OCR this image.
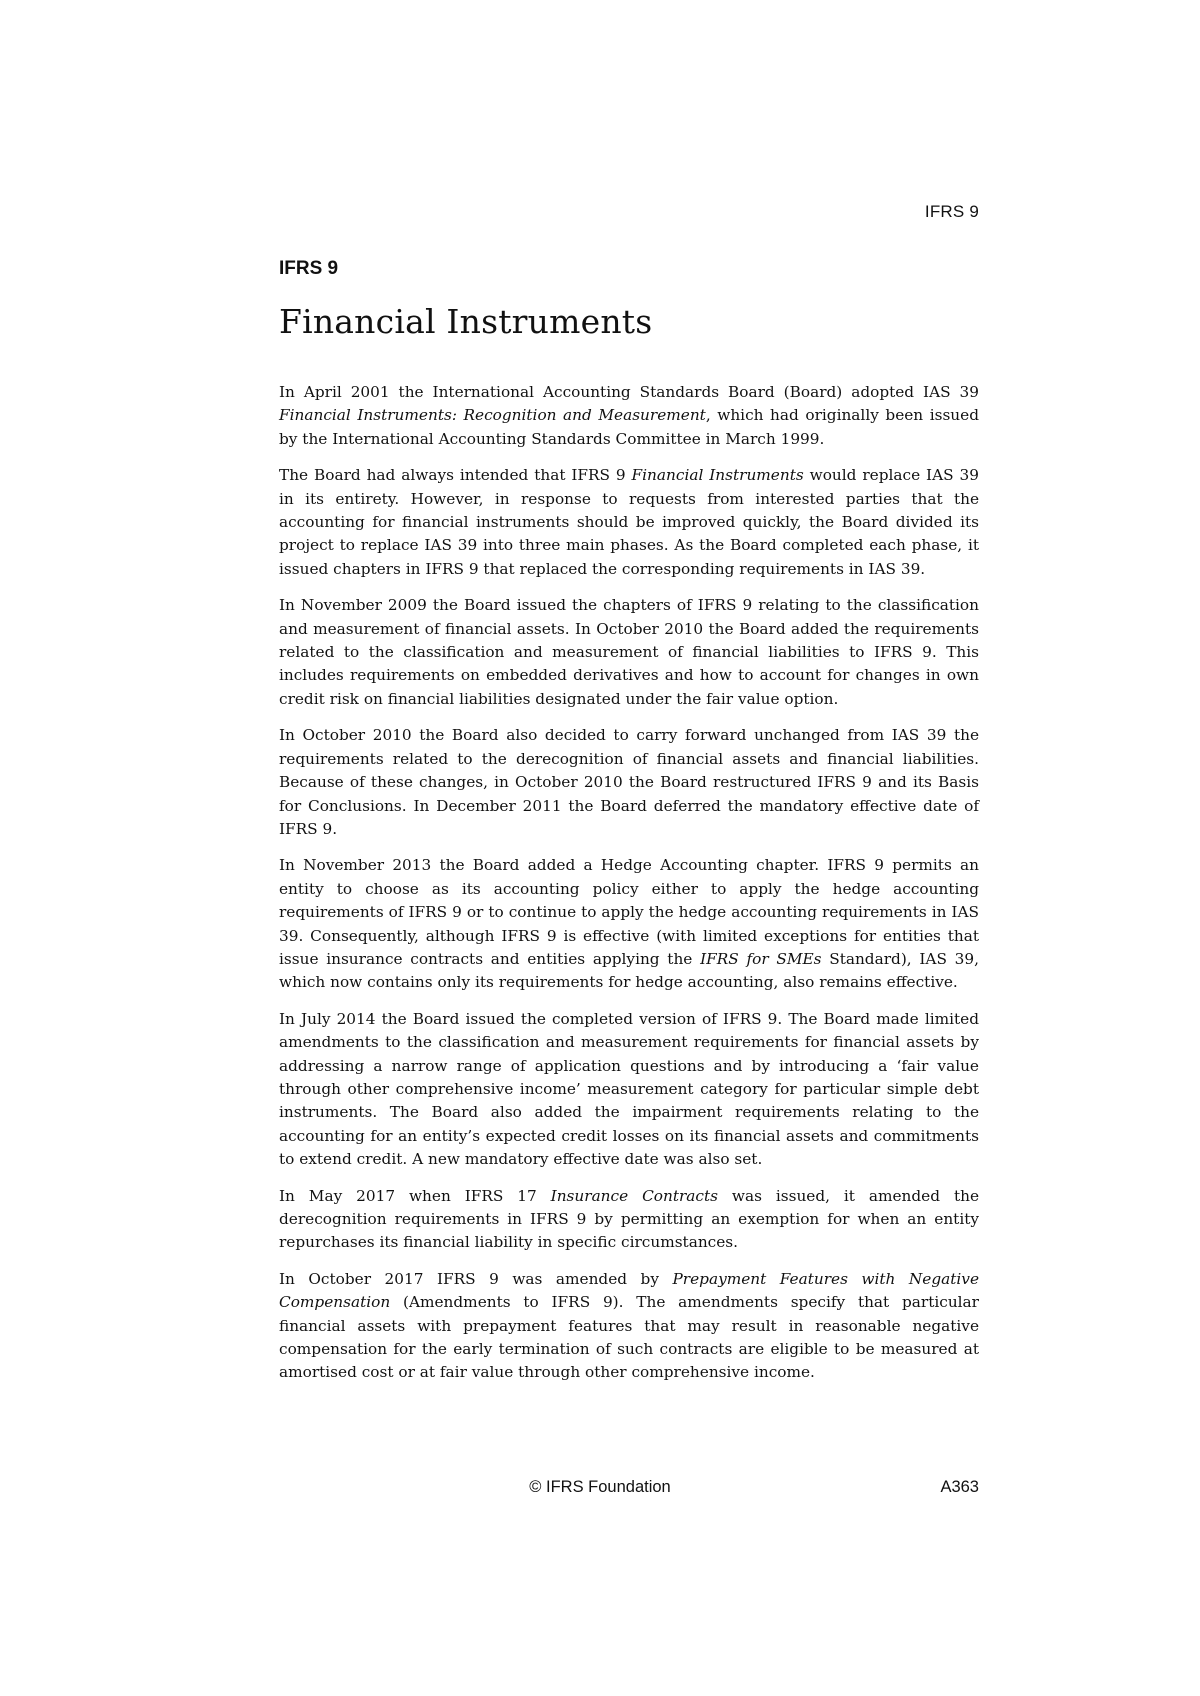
IFRS 9
IFRS 9
Financial Instruments

In April 2001 the International Accounting Standards Board (Board) adopted IAS 39 Financial Instruments: Recognition and Measurement, which had originally been issued by the International Accounting Standards Committee in March 1999.

The Board had always intended that IFRS 9 Financial Instruments would replace IAS 39 in its entirety. However, in response to requests from interested parties that the accounting for financial instruments should be improved quickly, the Board divided its project to replace IAS 39 into three main phases. As the Board completed each phase, it issued chapters in IFRS 9 that replaced the corresponding requirements in IAS 39.

In November 2009 the Board issued the chapters of IFRS 9 relating to the classification and measurement of financial assets. In October 2010 the Board added the requirements related to the classification and measurement of financial liabilities to IFRS 9. This includes requirements on embedded derivatives and how to account for changes in own credit risk on financial liabilities designated under the fair value option.

In October 2010 the Board also decided to carry forward unchanged from IAS 39 the requirements related to the derecognition of financial assets and financial liabilities. Because of these changes, in October 2010 the Board restructured IFRS 9 and its Basis for Conclusions. In December 2011 the Board deferred the mandatory effective date of IFRS 9.

In November 2013 the Board added a Hedge Accounting chapter. IFRS 9 permits an entity to choose as its accounting policy either to apply the hedge accounting requirements of IFRS 9 or to continue to apply the hedge accounting requirements in IAS 39. Consequently, although IFRS 9 is effective (with limited exceptions for entities that issue insurance contracts and entities applying the IFRS for SMEs Standard), IAS 39, which now contains only its requirements for hedge accounting, also remains effective.

In July 2014 the Board issued the completed version of IFRS 9. The Board made limited amendments to the classification and measurement requirements for financial assets by addressing a narrow range of application questions and by introducing a ‘fair value through other comprehensive income’ measurement category for particular simple debt instruments. The Board also added the impairment requirements relating to the accounting for an entity’s expected credit losses on its financial assets and commitments to extend credit. A new mandatory effective date was also set.

In May 2017 when IFRS 17 Insurance Contracts was issued, it amended the derecognition requirements in IFRS 9 by permitting an exemption for when an entity repurchases its financial liability in specific circumstances.

In October 2017 IFRS 9 was amended by Prepayment Features with Negative Compensation (Amendments to IFRS 9). The amendments specify that particular financial assets with prepayment features that may result in reasonable negative compensation for the early termination of such contracts are eligible to be measured at amortised cost or at fair value through other comprehensive income.

© IFRS Foundation	A363
